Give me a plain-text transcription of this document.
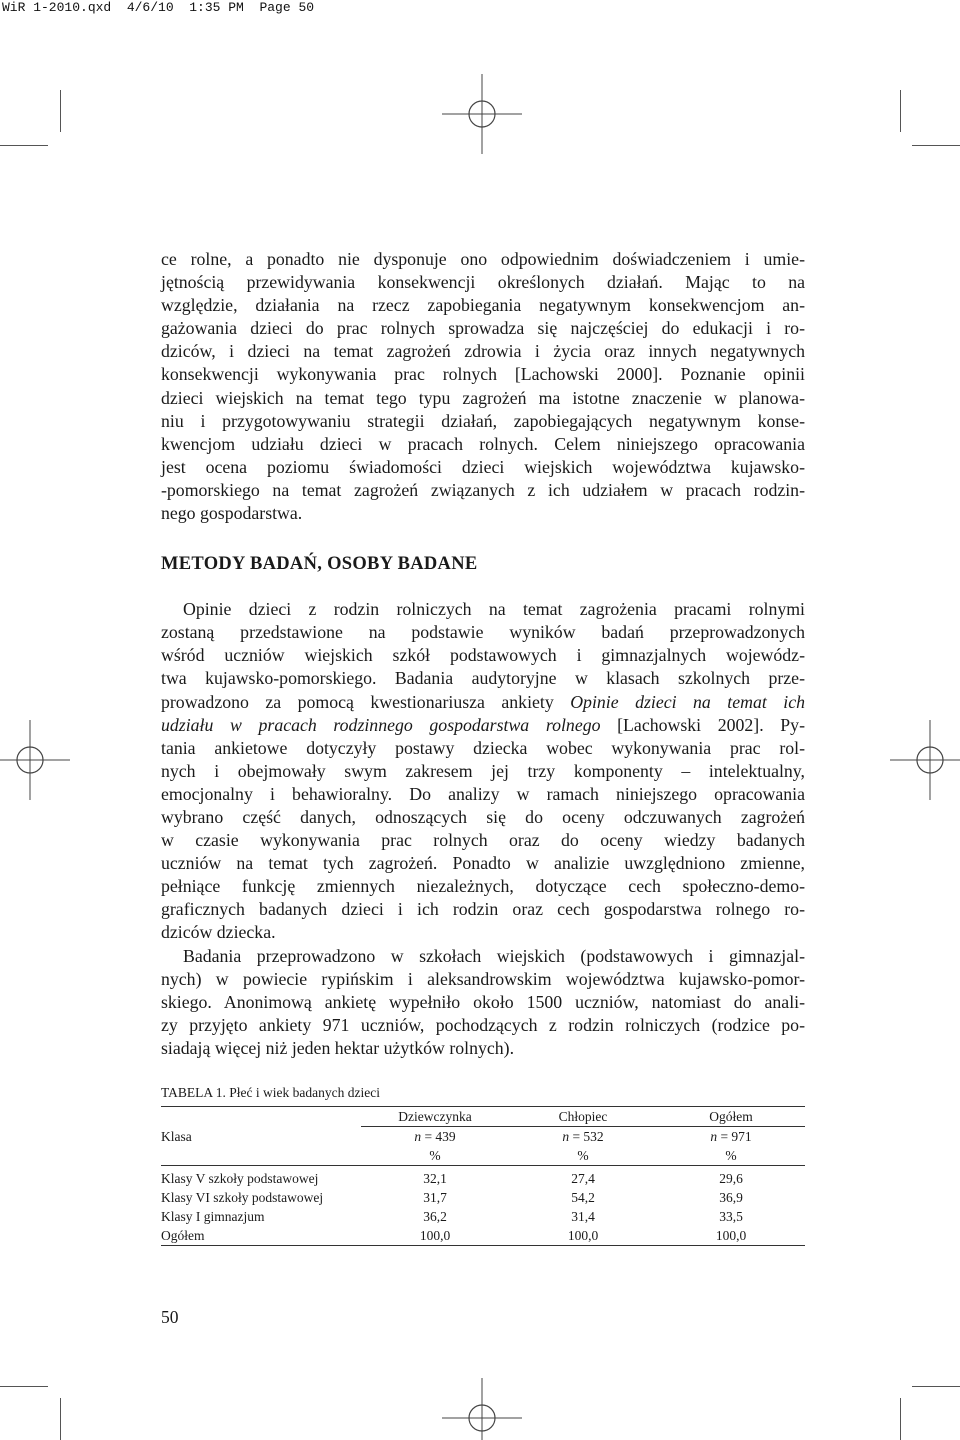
WiR 1-2010.qxd  4/6/10  1:35 PM  Page 50

ce rolne, a ponadto nie dysponuje ono odpowiednim doświadczeniem i umie-
jętnością przewidywania konsekwencji określonych działań. Mając to na
względzie, działania na rzecz zapobiegania negatywnym konsekwencjom an-
gażowania dzieci do prac rolnych sprowadza się najczęściej do edukacji i ro-
dziców, i dzieci na temat zagrożeń zdrowia i życia oraz innych negatywnych
konsekwencji wykonywania prac rolnych [Lachowski 2000]. Poznanie opinii
dzieci wiejskich na temat tego typu zagrożeń ma istotne znaczenie w planowa-
niu i przygotowywaniu strategii działań, zapobiegających negatywnym konse-
kwencjom udziału dzieci w pracach rolnych. Celem niniejszego opracowania
jest ocena poziomu świadomości dzieci wiejskich województwa kujawsko-
-pomorskiego na temat zagrożeń związanych z ich udziałem w pracach rodzin-
nego gospodarstwa.

METODY BADAŃ, OSOBY BADANE

Opinie dzieci z rodzin rolniczych na temat zagrożenia pracami rolnymi
zostaną przedstawione na podstawie wyników badań przeprowadzonych
wśród uczniów wiejskich szkół podstawowych i gimnazjalnych wojewódz-
twa kujawsko-pomorskiego. Badania audytoryjne w klasach szkolnych prze-
prowadzono za pomocą kwestionariusza ankiety Opinie dzieci na temat ich
udziału w pracach rodzinnego gospodarstwa rolnego [Lachowski 2002]. Py-
tania ankietowe dotyczyły postawy dziecka wobec wykonywania prac rol-
nych i obejmowały swym zakresem jej trzy komponenty – intelektualny,
emocjonalny i behawioralny. Do analizy w ramach niniejszego opracowania
wybrano część danych, odnoszących się do oceny odczuwanych zagrożeń
w czasie wykonywania prac rolnych oraz do oceny wiedzy badanych
uczniów na temat tych zagrożeń. Ponadto w analizie uwzględniono zmienne,
pełniące funkcję zmiennych niezależnych, dotyczące cech społeczno-demo-
graficznych badanych dzieci i ich rodzin oraz cech gospodarstwa rolnego ro-
dziców dziecka.

Badania przeprowadzono w szkołach wiejskich (podstawowych i gimnazjal-
nych) w powiecie rypińskim i aleksandrowskim województwa kujawsko-pomor-
skiego. Anonimową ankietę wypełniło około 1500 uczniów, natomiast do anali-
zy przyjęto ankiety 971 uczniów, pochodzących z rodzin rolniczych (rodzice po-
siadają więcej niż jeden hektar użytków rolnych).

TABELA 1. Płeć i wiek badanych dzieci
	Dziewczynka	Chłopiec	Ogółem
Klasa	n = 439	n = 532	n = 971
	%	%	%

Klasy V szkoły podstawowej	32,1	27,4	29,6
Klasy VI szkoły podstawowej	31,7	54,2	36,9
Klasy I gimnazjum	36,2	31,4	33,5
Ogółem	100,0	100,0	100,0
50
